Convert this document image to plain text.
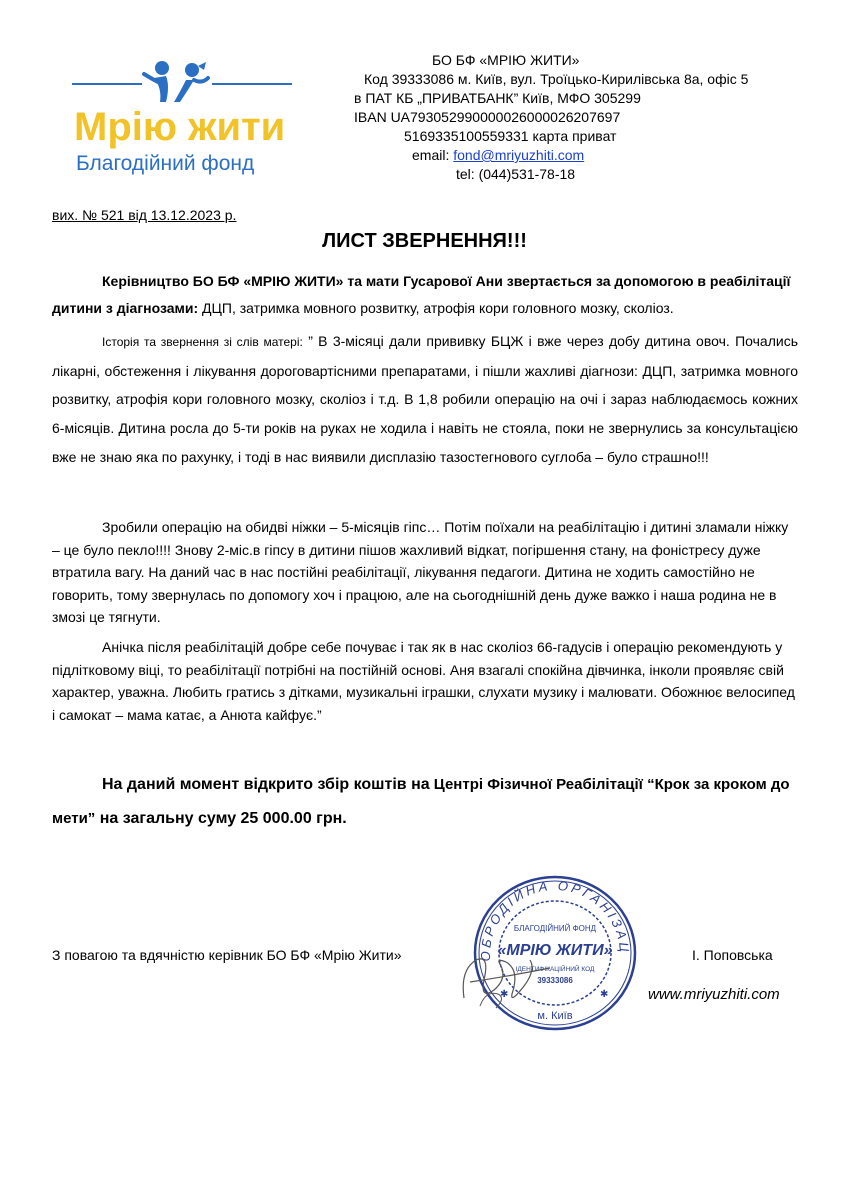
Мрію жити
Благодійний фонд
БО БФ «МРІЮ ЖИТИ»
Код 39333086 м. Київ, вул. Троїцько-Кирилівська 8а, офіс 5
в ПАТ КБ „ПРИВАТБАНК” Київ, МФО 305299
IBAN UA793052990000026000026207697
5169335100559331 карта приват
email: fond@mriyuzhiti.com
tel: (044)531-78-18
вих. № 521 від 13.12.2023 р.
ЛИСТ ЗВЕРНЕННЯ!!!
Керівництво БО БФ «МРІЮ ЖИТИ» та мати Гусарової Ани звертається за допомогою в реабілітації дитини з діагнозами: ДЦП, затримка мовного розвитку, атрофія кори головного мозку, сколіоз.
Історія та звернення зі слів матері: ” В 3-місяці дали прививку БЦЖ і вже через добу дитина овоч. Почались лікарні, обстеження і лікування дороговартісними препаратами, і пішли жахливі діагнози: ДЦП, затримка мовного розвитку, атрофія кори головного мозку, сколіоз і т.д. В 1,8 робили операцію на очі і зараз наблюдаємось кожних 6-місяців. Дитина росла до 5-ти років на руках не ходила і навіть не стояла, поки не звернулись за консультацією вже не знаю яка по рахунку, і тоді в нас виявили дисплазію тазостегнового суглоба – було страшно!!!
Зробили операцію на обидві ніжки – 5-місяців гіпс… Потім поїхали на реабілітацію і дитині зламали ніжку – це було пекло!!!! Знову 2-міс.в гіпсу в дитини пішов жахливий відкат, погіршення стану, на фоністресу дуже втратила вагу. На даний час в нас постійні реабілітації, лікування педагоги. Дитина не ходить самостійно не говорить, тому звернулась по допомогу хоч і працюю, але на сьогоднішній день дуже важко і наша родина не в змозі це тягнути.
Анічка після реабілітацій добре себе почуває і так як в нас сколіоз 66-гадусів і операцію рекомендують у підлітковому віці, то реабілітації потрібні на постійній основі. Аня взагалі спокійна дівчинка, інколи проявляє свій характер, уважна. Любить гратись з дітками, музикальні іграшки, слухати музику і малювати. Обожнює велосипед і самокат – мама катає, а Анюта кайфує.”
На даний момент відкрито збір коштів на Центрі Фізичної Реабілітації “Крок за кроком до мети” на загальну суму 25 000.00 грн.
З повагою та вдячністю керівник БО БФ «Мрію Жити»	І. Поповська
www.mriyuzhiti.com
ОБРОДІЙНА ОРГАНІЗАЦ
БЛАГОДІЙНИЙ ФОНД
«МРІЮ ЖИТИ»
ІДЕНТИФІКАЦІЙНИЙ КОД
39333086
м. Київ
✱	✱
